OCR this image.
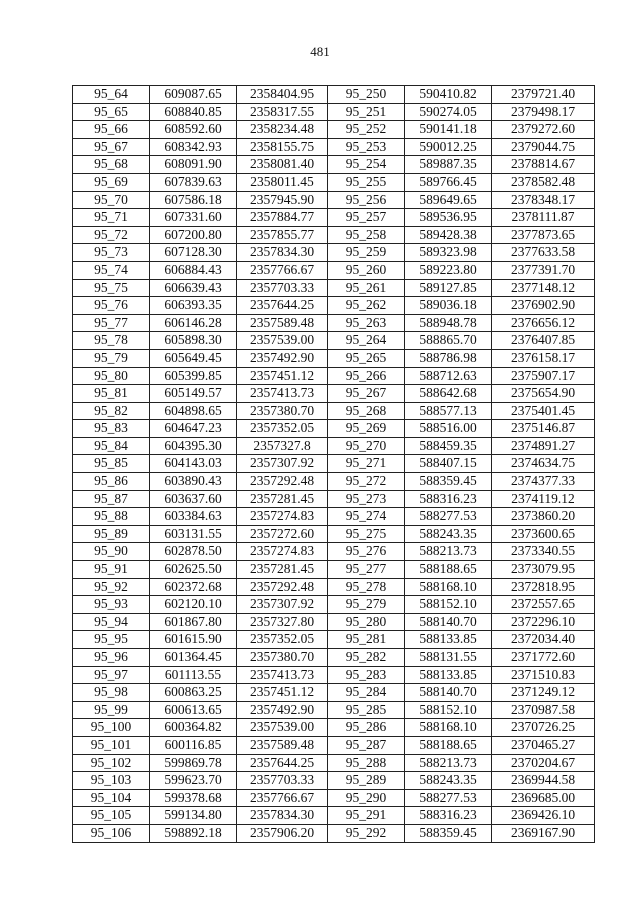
481
95_64	609087.65	2358404.95	95_250	590410.82	2379721.40
95_65	608840.85	2358317.55	95_251	590274.05	2379498.17
95_66	608592.60	2358234.48	95_252	590141.18	2379272.60
95_67	608342.93	2358155.75	95_253	590012.25	2379044.75
95_68	608091.90	2358081.40	95_254	589887.35	2378814.67
95_69	607839.63	2358011.45	95_255	589766.45	2378582.48
95_70	607586.18	2357945.90	95_256	589649.65	2378348.17
95_71	607331.60	2357884.77	95_257	589536.95	2378111.87
95_72	607200.80	2357855.77	95_258	589428.38	2377873.65
95_73	607128.30	2357834.30	95_259	589323.98	2377633.58
95_74	606884.43	2357766.67	95_260	589223.80	2377391.70
95_75	606639.43	2357703.33	95_261	589127.85	2377148.12
95_76	606393.35	2357644.25	95_262	589036.18	2376902.90
95_77	606146.28	2357589.48	95_263	588948.78	2376656.12
95_78	605898.30	2357539.00	95_264	588865.70	2376407.85
95_79	605649.45	2357492.90	95_265	588786.98	2376158.17
95_80	605399.85	2357451.12	95_266	588712.63	2375907.17
95_81	605149.57	2357413.73	95_267	588642.68	2375654.90
95_82	604898.65	2357380.70	95_268	588577.13	2375401.45
95_83	604647.23	2357352.05	95_269	588516.00	2375146.87
95_84	604395.30	2357327.8	95_270	588459.35	2374891.27
95_85	604143.03	2357307.92	95_271	588407.15	2374634.75
95_86	603890.43	2357292.48	95_272	588359.45	2374377.33
95_87	603637.60	2357281.45	95_273	588316.23	2374119.12
95_88	603384.63	2357274.83	95_274	588277.53	2373860.20
95_89	603131.55	2357272.60	95_275	588243.35	2373600.65
95_90	602878.50	2357274.83	95_276	588213.73	2373340.55
95_91	602625.50	2357281.45	95_277	588188.65	2373079.95
95_92	602372.68	2357292.48	95_278	588168.10	2372818.95
95_93	602120.10	2357307.92	95_279	588152.10	2372557.65
95_94	601867.80	2357327.80	95_280	588140.70	2372296.10
95_95	601615.90	2357352.05	95_281	588133.85	2372034.40
95_96	601364.45	2357380.70	95_282	588131.55	2371772.60
95_97	601113.55	2357413.73	95_283	588133.85	2371510.83
95_98	600863.25	2357451.12	95_284	588140.70	2371249.12
95_99	600613.65	2357492.90	95_285	588152.10	2370987.58
95_100	600364.82	2357539.00	95_286	588168.10	2370726.25
95_101	600116.85	2357589.48	95_287	588188.65	2370465.27
95_102	599869.78	2357644.25	95_288	588213.73	2370204.67
95_103	599623.70	2357703.33	95_289	588243.35	2369944.58
95_104	599378.68	2357766.67	95_290	588277.53	2369685.00
95_105	599134.80	2357834.30	95_291	588316.23	2369426.10
95_106	598892.18	2357906.20	95_292	588359.45	2369167.90
